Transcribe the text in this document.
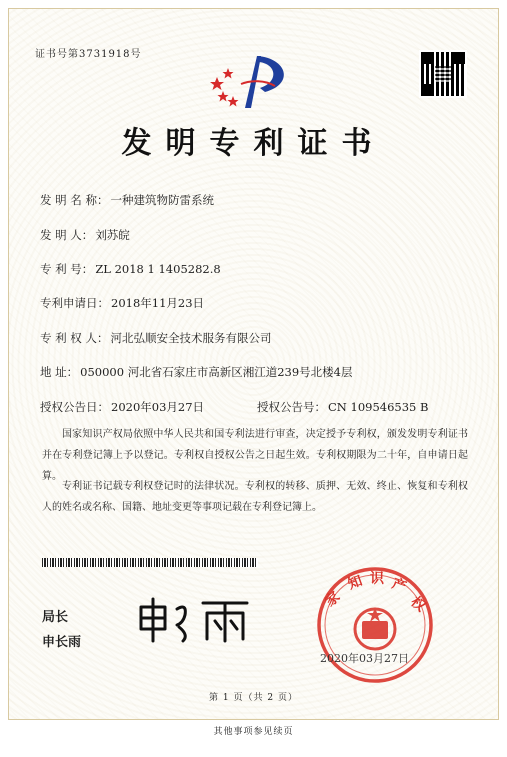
证书号第3731918号
发明专利证书
发 明 名 称： 一种建筑物防雷系统
发 明 人： 刘苏皖
专 利 号： ZL 2018 1 1405282.8
专利申请日： 2018年11月23日
专 利 权 人： 河北弘顺安全技术服务有限公司
地 址： 050000 河北省石家庄市高新区湘江道239号北楼4层
授权公告日： 2020年03月27日	授权公告号： CN 109546535 B
国家知识产权局依照中华人民共和国专利法进行审查，决定授予专利权，颁发发明专利证书并在专利登记簿上予以登记。专利权自授权公告之日起生效。专利权期限为二十年，自申请日起算。
专利证书记载专利权登记时的法律状况。专利权的转移、质押、无效、终止、恢复和专利权人的姓名或名称、国籍、地址变更等事项记载在专利登记簿上。
局长
申长雨
家
知 识 产
权
2020年03月27日
第 1 页（共 2 页）
其他事项参见续页
